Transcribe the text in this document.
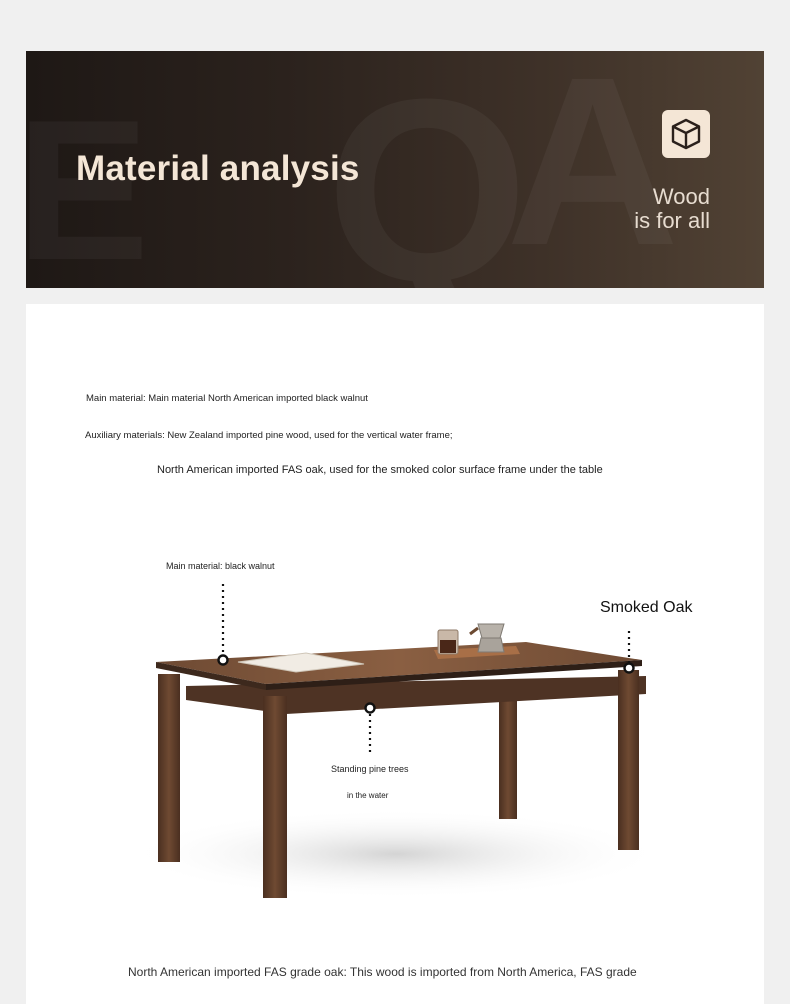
Material analysis
Wood
is for all
Main material: Main material North American imported black walnut
Auxiliary materials: New Zealand imported pine wood, used for the vertical water frame;
North American imported FAS oak, used for the smoked color surface frame under the table
Main material: black walnut
Smoked Oak
Standing pine trees
in the water
North American imported FAS grade oak: This wood is imported from North America, FAS grade
